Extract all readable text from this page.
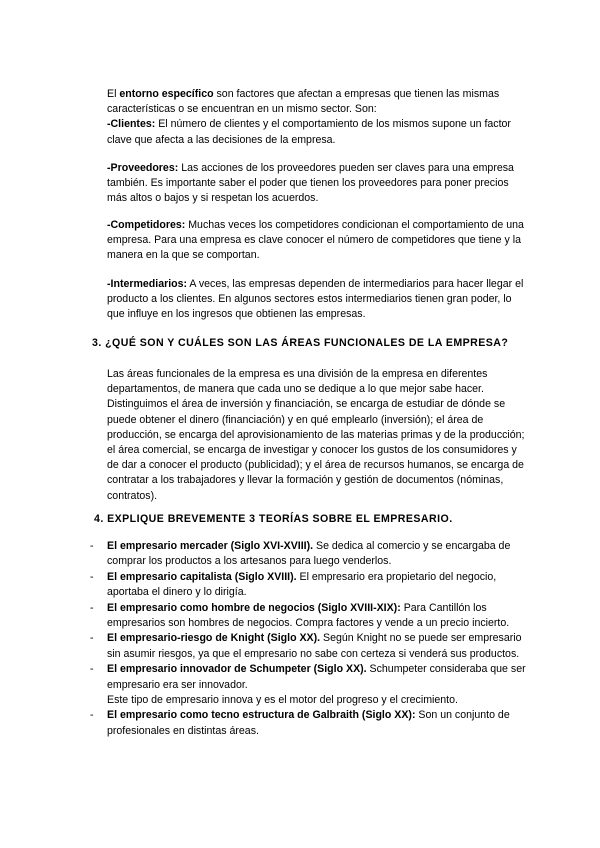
El entorno específico son factores que afectan a empresas que tienen las mismas características o se encuentran en un mismo sector. Son:
-Clientes: El número de clientes y el comportamiento de los mismos supone un factor clave que afecta a las decisiones de la empresa.

-Proveedores: Las acciones de los proveedores pueden ser claves para una empresa también. Es importante saber el poder que tienen los proveedores para poner precios más altos o bajos y si respetan los acuerdos.

-Competidores: Muchas veces los competidores condicionan el comportamiento de una empresa. Para una empresa es clave conocer el número de competidores que tiene y la manera en la que se comportan.

-Intermediarios: A veces, las empresas dependen de intermediarios para hacer llegar el producto a los clientes. En algunos sectores estos intermediarios tienen gran poder, lo que influye en los ingresos que obtienen las empresas.

3. ¿QUÉ SON Y CUÁLES SON LAS ÁREAS FUNCIONALES DE LA EMPRESA?

Las áreas funcionales de la empresa es una división de la empresa en diferentes departamentos, de manera que cada uno se dedique a lo que mejor sabe hacer. Distinguimos el área de inversión y financiación, se encarga de estudiar de dónde se puede obtener el dinero (financiación) y en qué emplearlo (inversión); el área de producción, se encarga del aprovisionamiento de las materias primas y de la producción; el área comercial, se encarga de investigar y conocer los gustos de los consumidores y de dar a conocer el producto (publicidad); y el área de recursos humanos, se encarga de contratar a los trabajadores y llevar la formación y gestión de documentos (nóminas, contratos).

4. EXPLIQUE BREVEMENTE 3 TEORÍAS SOBRE EL EMPRESARIO.

- El empresario mercader (Siglo XVI-XVIII). Se dedica al comercio y se encargaba de comprar los productos a los artesanos para luego venderlos.
- El empresario capitalista (Siglo XVIII). El empresario era propietario del negocio, aportaba el dinero y lo dirigía.
- El empresario como hombre de negocios (Siglo XVIII-XIX): Para Cantillón los empresarios son hombres de negocios. Compra factores y vende a un precio incierto.
- El empresario-riesgo de Knight (Siglo XX). Según Knight no se puede ser empresario sin asumir riesgos, ya que el empresario no sabe con certeza si venderá sus productos.
- El empresario innovador de Schumpeter (Siglo XX). Schumpeter consideraba que ser empresario era ser innovador.
Este tipo de empresario innova y es el motor del progreso y el crecimiento.
- El empresario como tecno estructura de Galbraith (Siglo XX): Son un conjunto de profesionales en distintas áreas.
